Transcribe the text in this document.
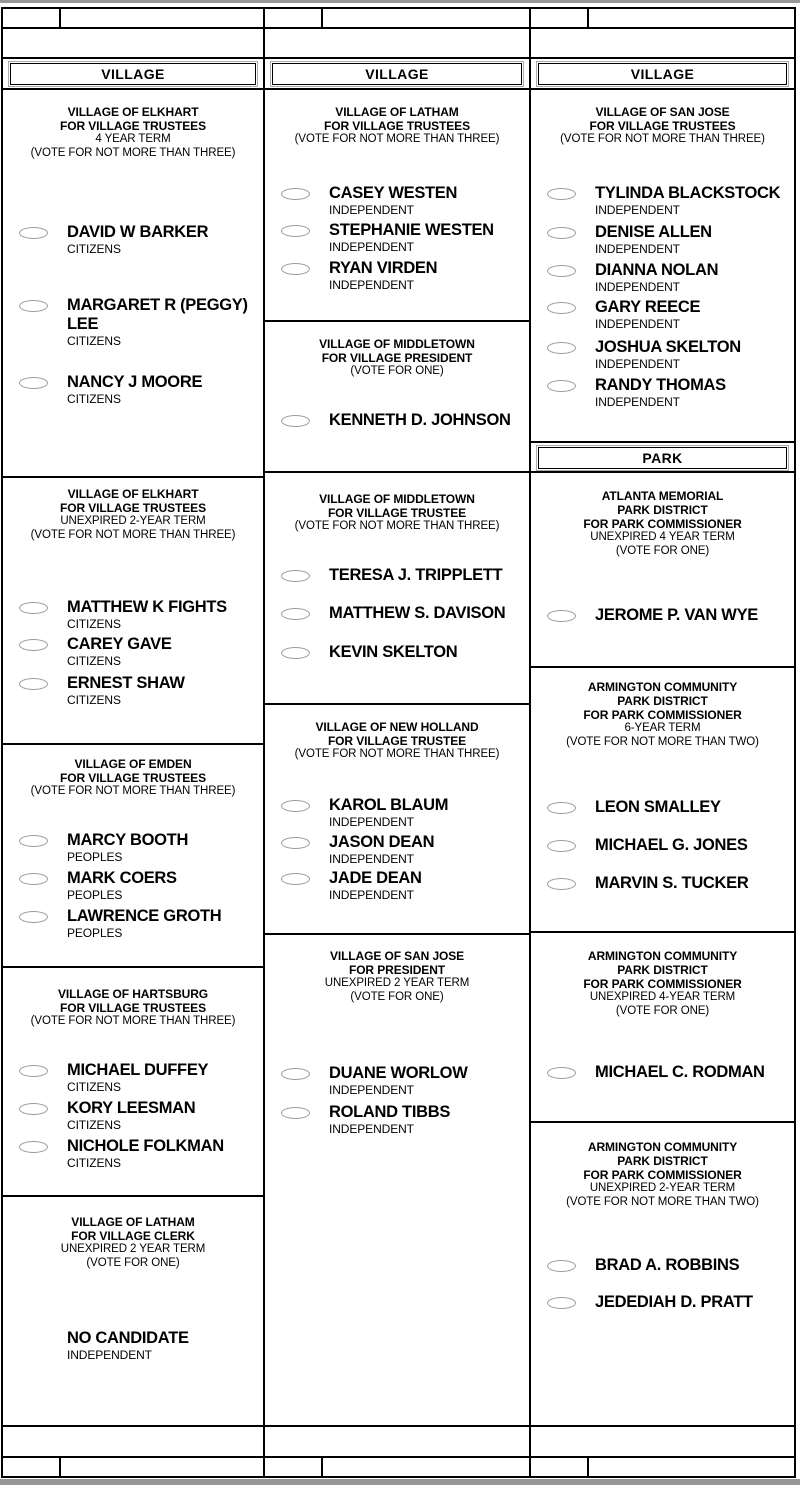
VILLAGE
VILLAGE OF ELKHART
FOR VILLAGE TRUSTEES
4 YEAR TERM
(VOTE FOR NOT MORE THAN THREE)
DAVID W BARKER
CITIZENS
MARGARET R (PEGGY) LEE
CITIZENS
NANCY J MOORE
CITIZENS
VILLAGE OF ELKHART
FOR VILLAGE TRUSTEES
UNEXPIRED 2-YEAR TERM
(VOTE FOR NOT MORE THAN THREE)
MATTHEW K FIGHTS
CITIZENS
CAREY GAVE
CITIZENS
ERNEST SHAW
CITIZENS
VILLAGE OF EMDEN
FOR VILLAGE TRUSTEES
(VOTE FOR NOT MORE THAN THREE)
MARCY BOOTH
PEOPLES
MARK COERS
PEOPLES
LAWRENCE GROTH
PEOPLES
VILLAGE OF HARTSBURG
FOR VILLAGE TRUSTEES
(VOTE FOR NOT MORE THAN THREE)
MICHAEL DUFFEY
CITIZENS
KORY LEESMAN
CITIZENS
NICHOLE FOLKMAN
CITIZENS
VILLAGE OF LATHAM
FOR VILLAGE CLERK
UNEXPIRED 2 YEAR TERM
(VOTE FOR ONE)
NO CANDIDATE
INDEPENDENT
VILLAGE
VILLAGE OF LATHAM
FOR VILLAGE TRUSTEES
(VOTE FOR NOT MORE THAN THREE)
CASEY WESTEN
INDEPENDENT
STEPHANIE WESTEN
INDEPENDENT
RYAN VIRDEN
INDEPENDENT
VILLAGE OF MIDDLETOWN
FOR VILLAGE PRESIDENT
(VOTE FOR ONE)
KENNETH D. JOHNSON
VILLAGE OF MIDDLETOWN
FOR VILLAGE TRUSTEE
(VOTE FOR NOT MORE THAN THREE)
TERESA J. TRIPPLETT
MATTHEW S. DAVISON
KEVIN SKELTON
VILLAGE OF NEW HOLLAND
FOR VILLAGE TRUSTEE
(VOTE FOR NOT MORE THAN THREE)
KAROL BLAUM
INDEPENDENT
JASON DEAN
INDEPENDENT
JADE DEAN
INDEPENDENT
VILLAGE OF SAN JOSE
FOR PRESIDENT
UNEXPIRED 2 YEAR TERM
(VOTE FOR ONE)
DUANE WORLOW
INDEPENDENT
ROLAND TIBBS
INDEPENDENT
VILLAGE
VILLAGE OF SAN JOSE
FOR VILLAGE TRUSTEES
(VOTE FOR NOT MORE THAN THREE)
TYLINDA BLACKSTOCK
INDEPENDENT
DENISE ALLEN
INDEPENDENT
DIANNA NOLAN
INDEPENDENT
GARY REECE
INDEPENDENT
JOSHUA SKELTON
INDEPENDENT
RANDY THOMAS
INDEPENDENT
PARK
ATLANTA MEMORIAL
PARK DISTRICT
FOR PARK COMMISSIONER
UNEXPIRED 4 YEAR TERM
(VOTE FOR ONE)
JEROME P. VAN WYE
ARMINGTON COMMUNITY
PARK DISTRICT
FOR PARK COMMISSIONER
6-YEAR TERM
(VOTE FOR NOT MORE THAN TWO)
LEON SMALLEY
MICHAEL G. JONES
MARVIN S. TUCKER
ARMINGTON COMMUNITY
PARK DISTRICT
FOR PARK COMMISSIONER
UNEXPIRED 4-YEAR TERM
(VOTE FOR ONE)
MICHAEL C. RODMAN
ARMINGTON COMMUNITY
PARK DISTRICT
FOR PARK COMMISSIONER
UNEXPIRED 2-YEAR TERM
(VOTE FOR NOT MORE THAN TWO)
BRAD A. ROBBINS
JEDEDIAH D. PRATT
